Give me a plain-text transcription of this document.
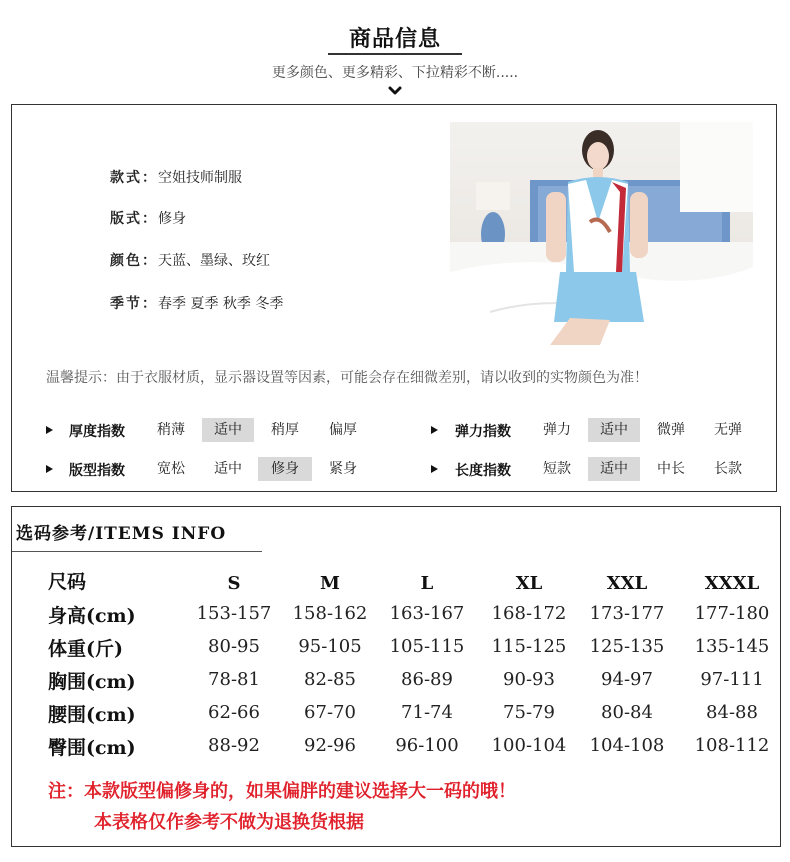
商品信息
更多颜色、更多精彩、下拉精彩不断.....
款式：空姐技师制服
版式：修身
颜色：天蓝、墨绿、玫红
季节：春季 夏季 秋季 冬季
温馨提示：由于衣服材质，显示器设置等因素，可能会存在细微差别，请以收到的实物颜色为准！
厚度指数	稍薄	适中	稍厚	偏厚	弹力指数	弹力	适中	微弹	无弹
版型指数	宽松	适中	修身	紧身	长度指数	短款	适中	中长	长款
选码参考/ITEMS INFO
尺码	S	M	L	XL	XXL	XXXL
身高(cm)	153-157	158-162	163-167	168-172	173-177	177-180
体重(斤)	80-95	95-105	105-115	115-125	125-135	135-145
胸围(cm)	78-81	82-85	86-89	90-93	94-97	97-111
腰围(cm)	62-66	67-70	71-74	75-79	80-84	84-88
臀围(cm)	88-92	92-96	96-100	100-104	104-108	108-112
注：本款版型偏修身的，如果偏胖的建议选择大一码的哦！
本表格仅作参考不做为退换货根据
